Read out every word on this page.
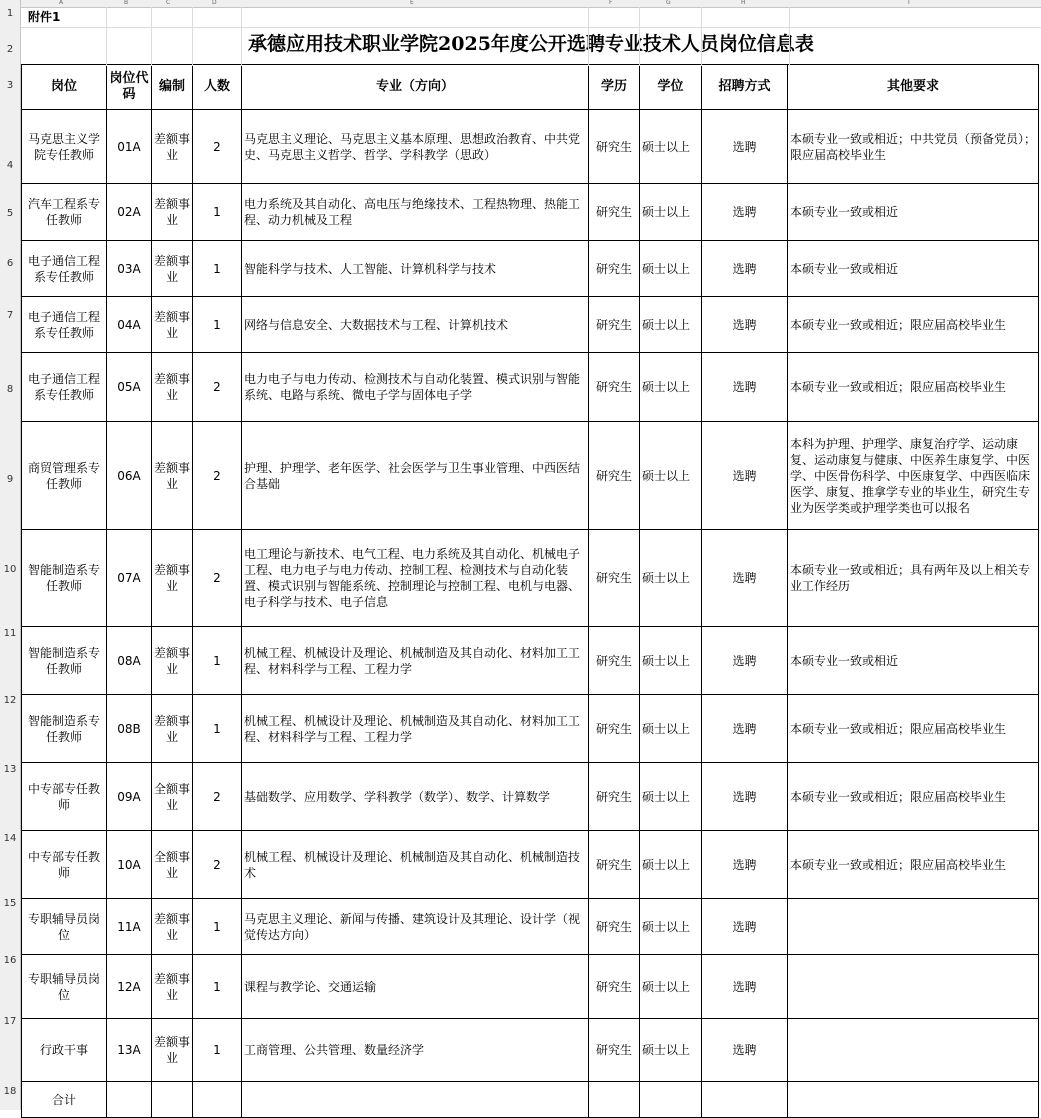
A	B	C	D	E	F	G	H	I
1
2
3
4
5
6
7
8
9
10
11
12
13
14
15
16
17
18
附件1
承德应用技术职业学院2025年度公开选聘专业技术人员岗位信息表
岗位	岗位代码	编制	人数	专业（方向）	学历	学位	招聘方式	其他要求
马克思主义学院专任教师	01A	差额事业	2	马克思主义理论、马克思主义基本原理、思想政治教育、中共党史、马克思主义哲学、哲学、学科教学（思政）	研究生	硕士以上	选聘	本硕专业一致或相近；中共党员（预备党员）；限应届高校毕业生
汽车工程系专任教师	02A	差额事业	1	电力系统及其自动化、高电压与绝缘技术、工程热物理、热能工程、动力机械及工程	研究生	硕士以上	选聘	本硕专业一致或相近
电子通信工程系专任教师	03A	差额事业	1	智能科学与技术、人工智能、计算机科学与技术	研究生	硕士以上	选聘	本硕专业一致或相近
电子通信工程系专任教师	04A	差额事业	1	网络与信息安全、大数据技术与工程、计算机技术	研究生	硕士以上	选聘	本硕专业一致或相近；限应届高校毕业生
电子通信工程系专任教师	05A	差额事业	2	电力电子与电力传动、检测技术与自动化装置、模式识别与智能系统、电路与系统、微电子学与固体电子学	研究生	硕士以上	选聘	本硕专业一致或相近；限应届高校毕业生
商贸管理系专任教师	06A	差额事业	2	护理、护理学、老年医学、社会医学与卫生事业管理、中西医结合基础	研究生	硕士以上	选聘	本科为护理、护理学、康复治疗学、运动康复、运动康复与健康、中医养生康复学、中医学、中医骨伤科学、中医康复学、中西医临床医学、康复、推拿学专业的毕业生，研究生专业为医学类或护理学类也可以报名
智能制造系专任教师	07A	差额事业	2	电工理论与新技术、电气工程、电力系统及其自动化、机械电子工程、电力电子与电力传动、控制工程、检测技术与自动化装置、模式识别与智能系统、控制理论与控制工程、电机与电器、电子科学与技术、电子信息	研究生	硕士以上	选聘	本硕专业一致或相近；具有两年及以上相关专业工作经历
智能制造系专任教师	08A	差额事业	1	机械工程、机械设计及理论、机械制造及其自动化、材料加工工程、材料科学与工程、工程力学	研究生	硕士以上	选聘	本硕专业一致或相近
智能制造系专任教师	08B	差额事业	1	机械工程、机械设计及理论、机械制造及其自动化、材料加工工程、材料科学与工程、工程力学	研究生	硕士以上	选聘	本硕专业一致或相近；限应届高校毕业生
中专部专任教师	09A	全额事业	2	基础数学、应用数学、学科教学（数学）、数学、计算数学	研究生	硕士以上	选聘	本硕专业一致或相近；限应届高校毕业生
中专部专任教师	10A	全额事业	2	机械工程、机械设计及理论、机械制造及其自动化、机械制造技术	研究生	硕士以上	选聘	本硕专业一致或相近；限应届高校毕业生
专职辅导员岗位	11A	差额事业	1	马克思主义理论、新闻与传播、建筑设计及其理论、设计学（视觉传达方向）	研究生	硕士以上	选聘	
专职辅导员岗位	12A	差额事业	1	课程与教学论、交通运输	研究生	硕士以上	选聘	
行政干事	13A	差额事业	1	工商管理、公共管理、数量经济学	研究生	硕士以上	选聘	
合计								
